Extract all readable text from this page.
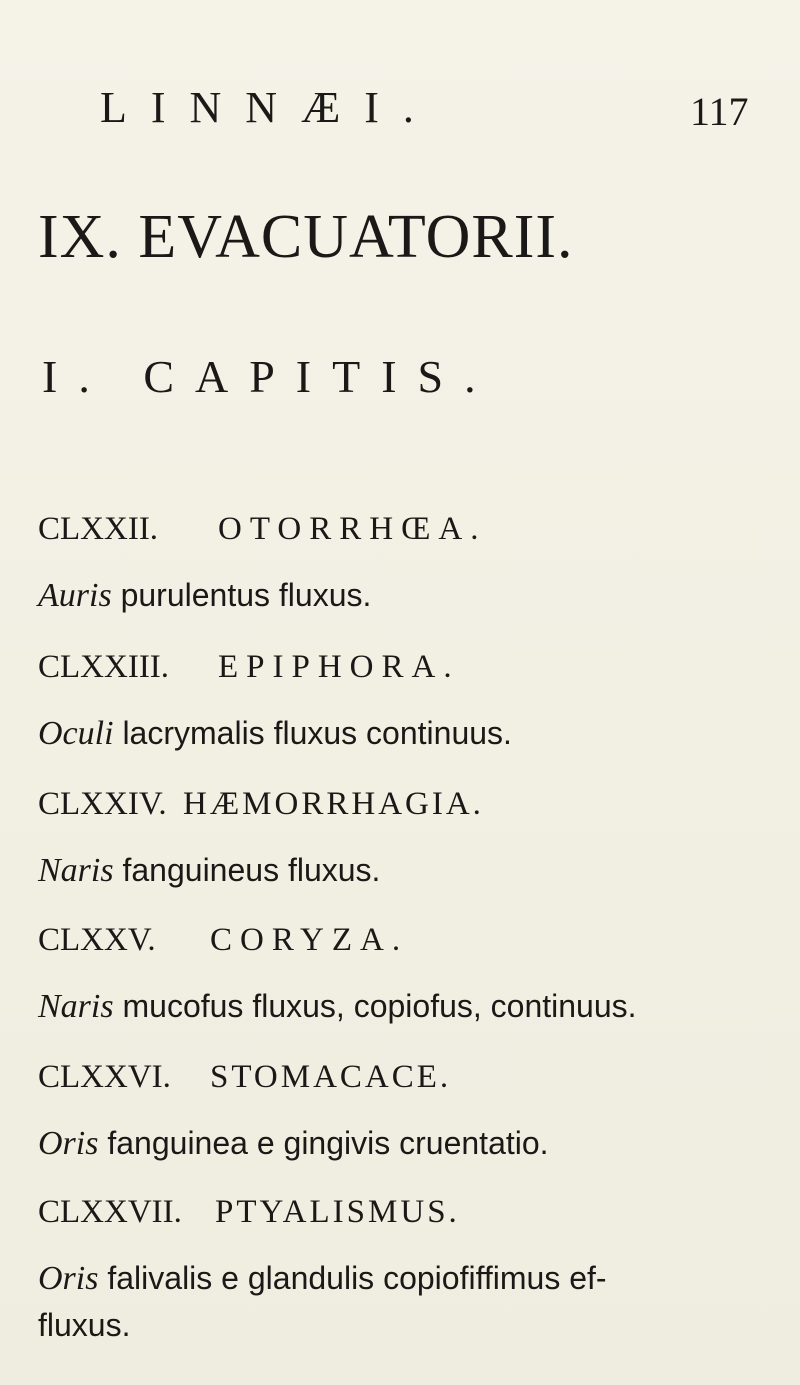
LINNÆI.	117
IX. EVACUATORII.
I. CAPITIS.
CLXXII. OTORRHŒA.
Auris purulentus fluxus.
CLXXIII. EPIPHORA.
Oculi lacrymalis fluxus continuus.
CLXXIV. HÆMORRHAGIA.
Naris fanguineus fluxus.
CLXXV. CORYZA.
Naris mucofus fluxus, copiofus, continuus.
CLXXVI. STOMACACE.
Oris fanguinea e gingivis cruentatio.
CLXXVII. PTYALISMUS.
Oris falivalis e glandulis copiofiffimus ef-
fluxus.
